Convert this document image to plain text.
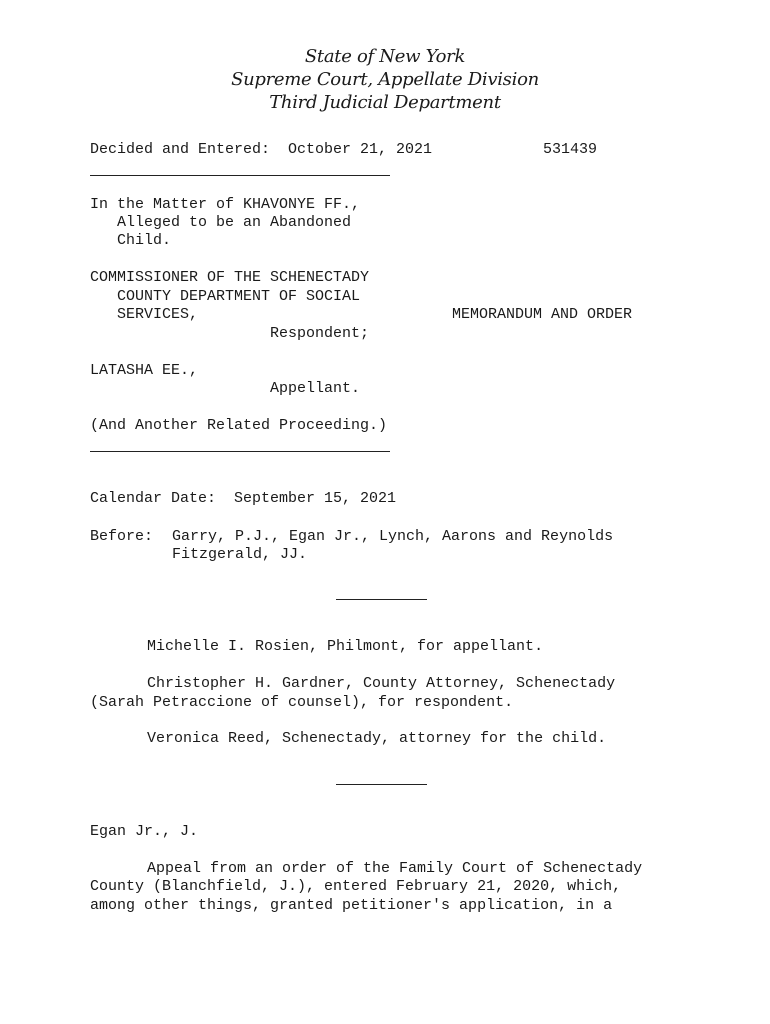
State of New York
Supreme Court, Appellate Division
Third Judicial Department
Decided and Entered:  October 21, 2021	531439
In the Matter of KHAVONYE FF.,
Alleged to be an Abandoned
Child.
COMMISSIONER OF THE SCHENECTADY
COUNTY DEPARTMENT OF SOCIAL
SERVICES,	MEMORANDUM AND ORDER
Respondent;
LATASHA EE.,
Appellant.
(And Another Related Proceeding.)
Calendar Date:  September 15, 2021
Before: Garry, P.J., Egan Jr., Lynch, Aarons and Reynolds
Fitzgerald, JJ.
Michelle I. Rosien, Philmont, for appellant.
Christopher H. Gardner, County Attorney, Schenectady
(Sarah Petraccione of counsel), for respondent.
Veronica Reed, Schenectady, attorney for the child.
Egan Jr., J.
Appeal from an order of the Family Court of Schenectady
County (Blanchfield, J.), entered February 21, 2020, which,
among other things, granted petitioner's application, in a
